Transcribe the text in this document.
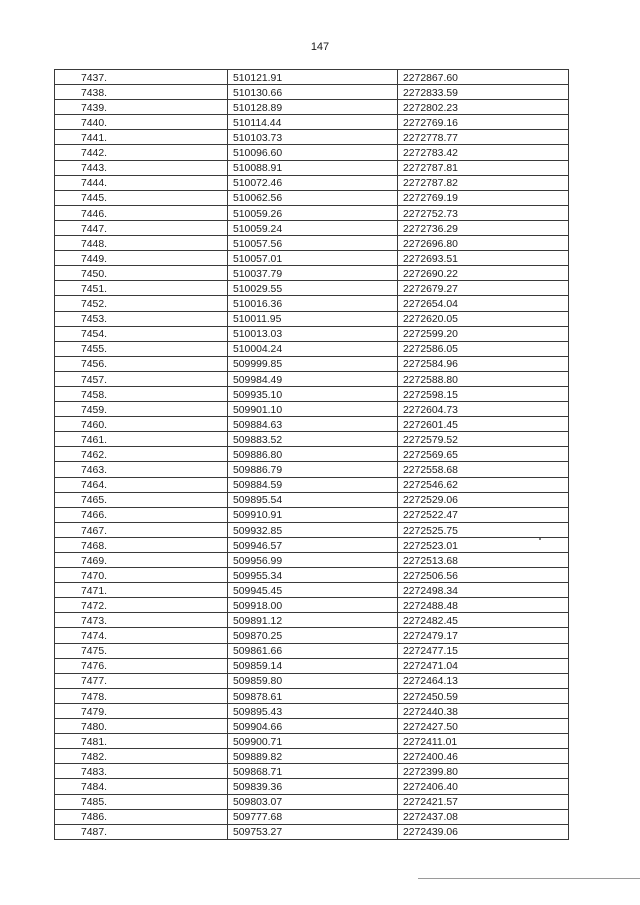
147
7437.	510121.91	2272867.60
7438.	510130.66	2272833.59
7439.	510128.89	2272802.23
7440.	510114.44	2272769.16
7441.	510103.73	2272778.77
7442.	510096.60	2272783.42
7443.	510088.91	2272787.81
7444.	510072.46	2272787.82
7445.	510062.56	2272769.19
7446.	510059.26	2272752.73
7447.	510059.24	2272736.29
7448.	510057.56	2272696.80
7449.	510057.01	2272693.51
7450.	510037.79	2272690.22
7451.	510029.55	2272679.27
7452.	510016.36	2272654.04
7453.	510011.95	2272620.05
7454.	510013.03	2272599.20
7455.	510004.24	2272586.05
7456.	509999.85	2272584.96
7457.	509984.49	2272588.80
7458.	509935.10	2272598.15
7459.	509901.10	2272604.73
7460.	509884.63	2272601.45
7461.	509883.52	2272579.52
7462.	509886.80	2272569.65
7463.	509886.79	2272558.68
7464.	509884.59	2272546.62
7465.	509895.54	2272529.06
7466.	509910.91	2272522.47
7467.	509932.85	2272525.75
7468.	509946.57	2272523.01
7469.	509956.99	2272513.68
7470.	509955.34	2272506.56
7471.	509945.45	2272498.34
7472.	509918.00	2272488.48
7473.	509891.12	2272482.45
7474.	509870.25	2272479.17
7475.	509861.66	2272477.15
7476.	509859.14	2272471.04
7477.	509859.80	2272464.13
7478.	509878.61	2272450.59
7479.	509895.43	2272440.38
7480.	509904.66	2272427.50
7481.	509900.71	2272411.01
7482.	509889.82	2272400.46
7483.	509868.71	2272399.80
7484.	509839.36	2272406.40
7485.	509803.07	2272421.57
7486.	509777.68	2272437.08
7487.	509753.27	2272439.06
